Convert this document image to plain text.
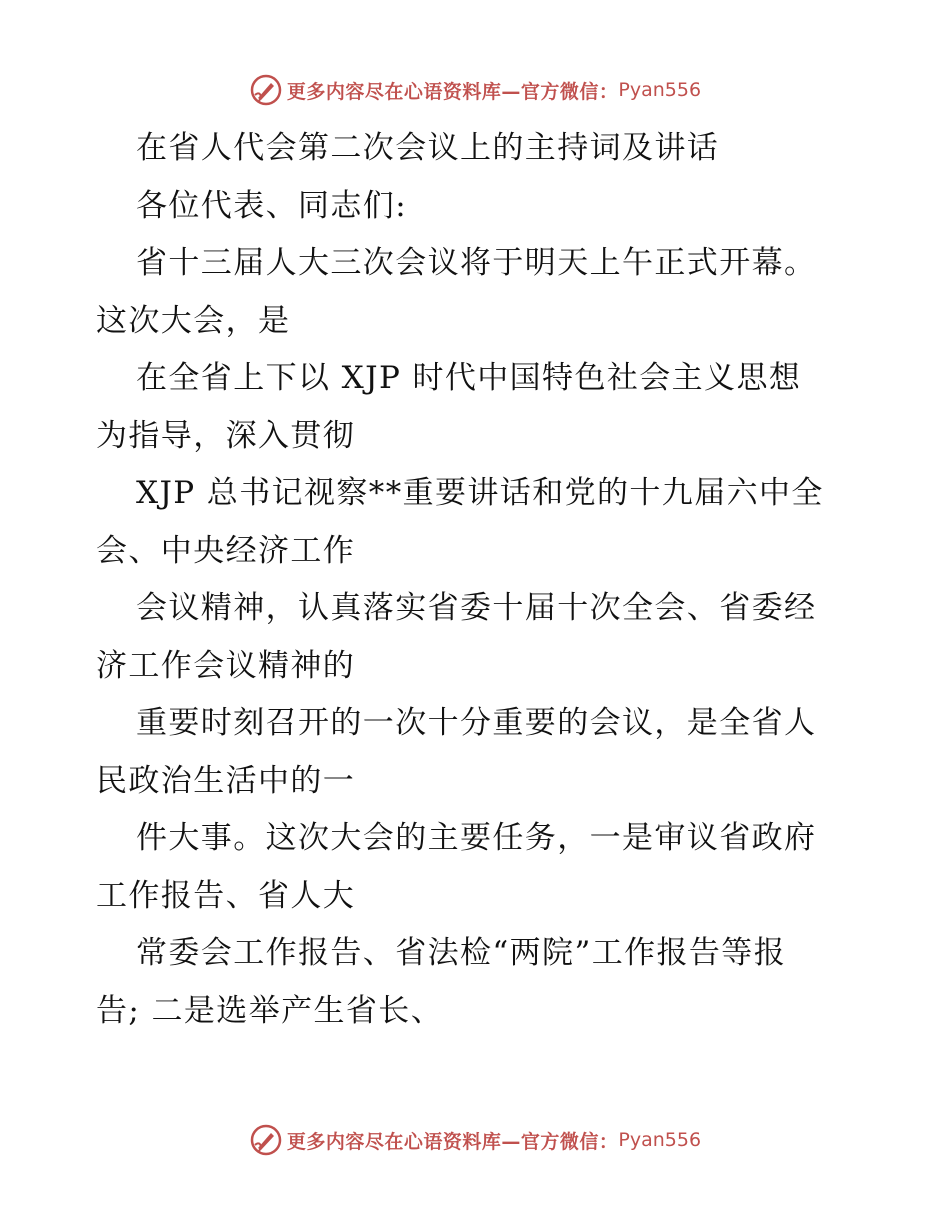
更多内容尽在心语资料库—官方微信： Pyan556
在省人代会第二次会议上的主持词及讲话
各位代表、同志们:
省十三届人大三次会议将于明天上午正式开幕。
这次大会，是
在全省上下以 XJP 时代中国特色社会主义思想
为指导，深入贯彻
XJP 总书记视察**重要讲话和党的十九届六中全
会、中央经济工作
会议精神，认真落实省委十届十次全会、省委经
济工作会议精神的
重要时刻召开的一次十分重要的会议，是全省人
民政治生活中的一
件大事。这次大会的主要任务，一是审议省政府
工作报告、省人大
常委会工作报告、省法检“两院”工作报告等报
告; 二是选举产生省长、
更多内容尽在心语资料库—官方微信： Pyan556
